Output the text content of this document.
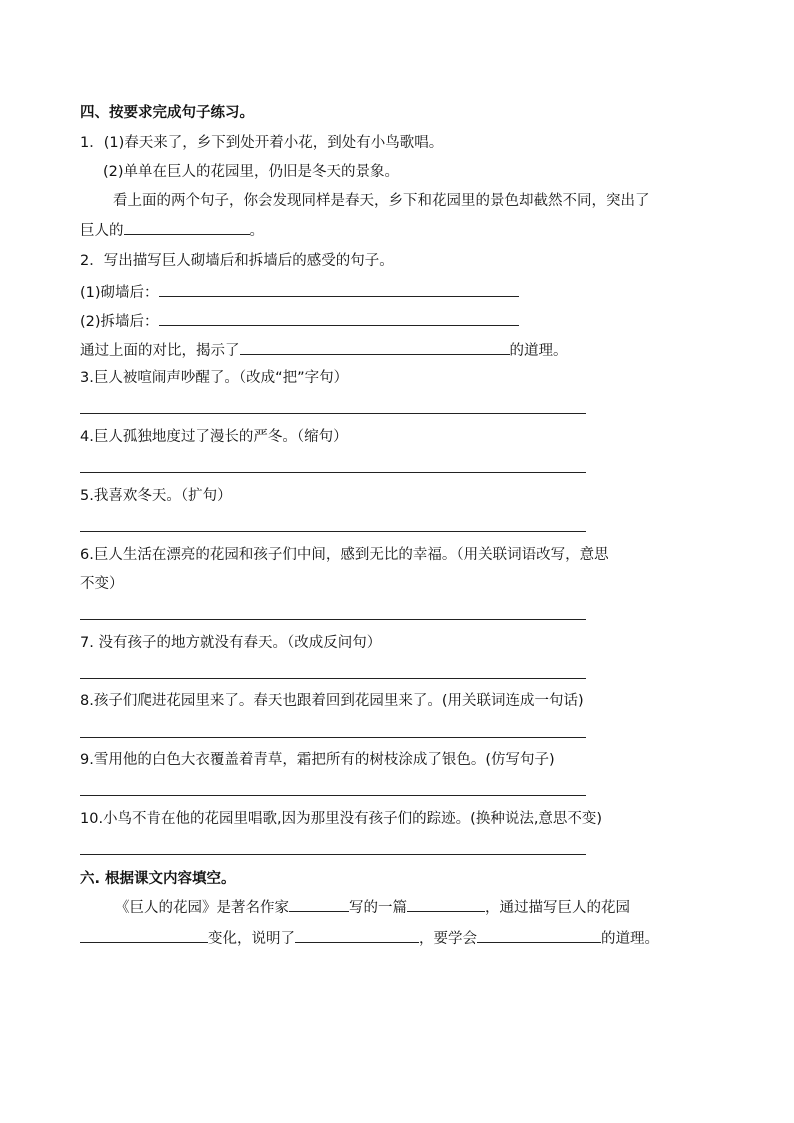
四、按要求完成句子练习。
1．(1)春天来了，乡下到处开着小花，到处有小鸟歌唱。
(2)单单在巨人的花园里，仍旧是冬天的景象。
看上面的两个句子，你会发现同样是春天，乡下和花园里的景色却截然不同，突出了
巨人的	。
2．写出描写巨人砌墙后和拆墙后的感受的句子。
(1)砌墙后：
(2)拆墙后：
通过上面的对比，揭示了	的道理。
3.巨人被喧闹声吵醒了。（改成“把”字句）
4.巨人孤独地度过了漫长的严冬。（缩句）
5.我喜欢冬天。（扩句）
6.巨人生活在漂亮的花园和孩子们中间，感到无比的幸福。（用关联词语改写，意思
不变）
7. 没有孩子的地方就没有春天。（改成反问句）
8.孩子们爬进花园里来了。春天也跟着回到花园里来了。(用关联词连成一句话)
9.雪用他的白色大衣覆盖着青草，霜把所有的树枝涂成了银色。(仿写句子)
10.小鸟不肯在他的花园里唱歌,因为那里没有孩子们的踪迹。(换种说法,意思不变)
六. 根据课文内容填空。
《巨人的花园》是著名作家	写的一篇	，通过描写巨人的花园
变化，说明了	，要学会	的道理。
